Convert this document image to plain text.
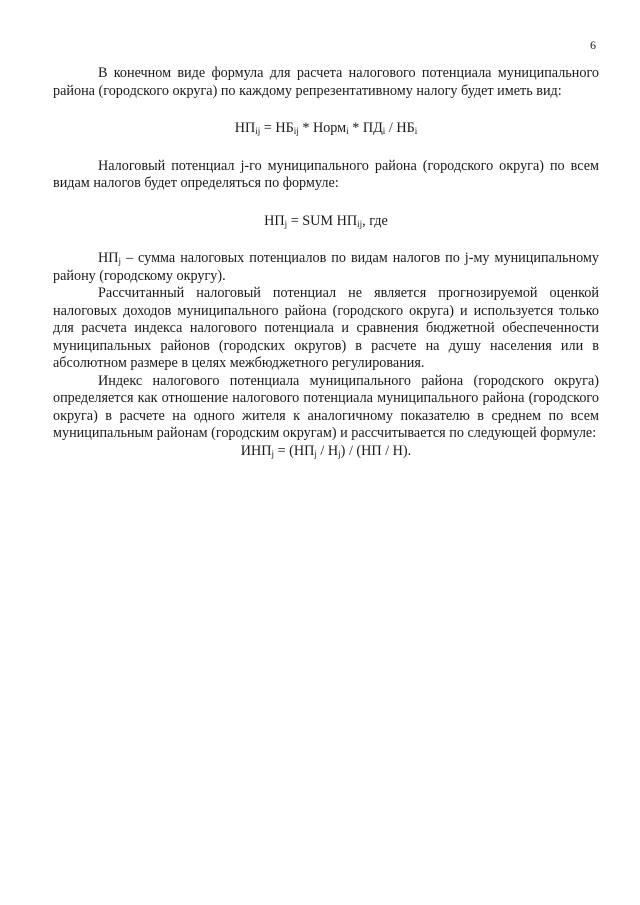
6

В конечном виде формула для расчета налогового потенциала муниципального района (городского округа) по каждому репрезентативному налогу будет иметь вид:

$НП_{ij} = НБ_{ij}$ * Норм$_i$ * $ПД_i / НБ_i$

Налоговый потенциал j-го муниципального района (городского округа) по всем видам налогов будет определяться по формуле:

$НП_j$ = SUM $НП_{ij}$, где

$НП_j$ – сумма налоговых потенциалов по видам налогов по j-му муниципальному району (городскому округу).

Рассчитанный налоговый потенциал не является прогнозируемой оценкой налоговых доходов муниципального района (городского округа) и используется только для расчета индекса налогового потенциала и сравнения бюджетной обеспеченности муниципальных районов (городских округов) в расчете на душу населения или в абсолютном размере в целях межбюджетного регулирования.

Индекс налогового потенциала муниципального района (городского округа) определяется как отношение налогового потенциала муниципального района (городского округа) в расчете на одного жителя к аналогичному показателю в среднем по всем муниципальным районам (городским округам) и рассчитывается по следующей формуле:

$ИНП_j = (НП_j / Н_j) / (НП / Н)$.
